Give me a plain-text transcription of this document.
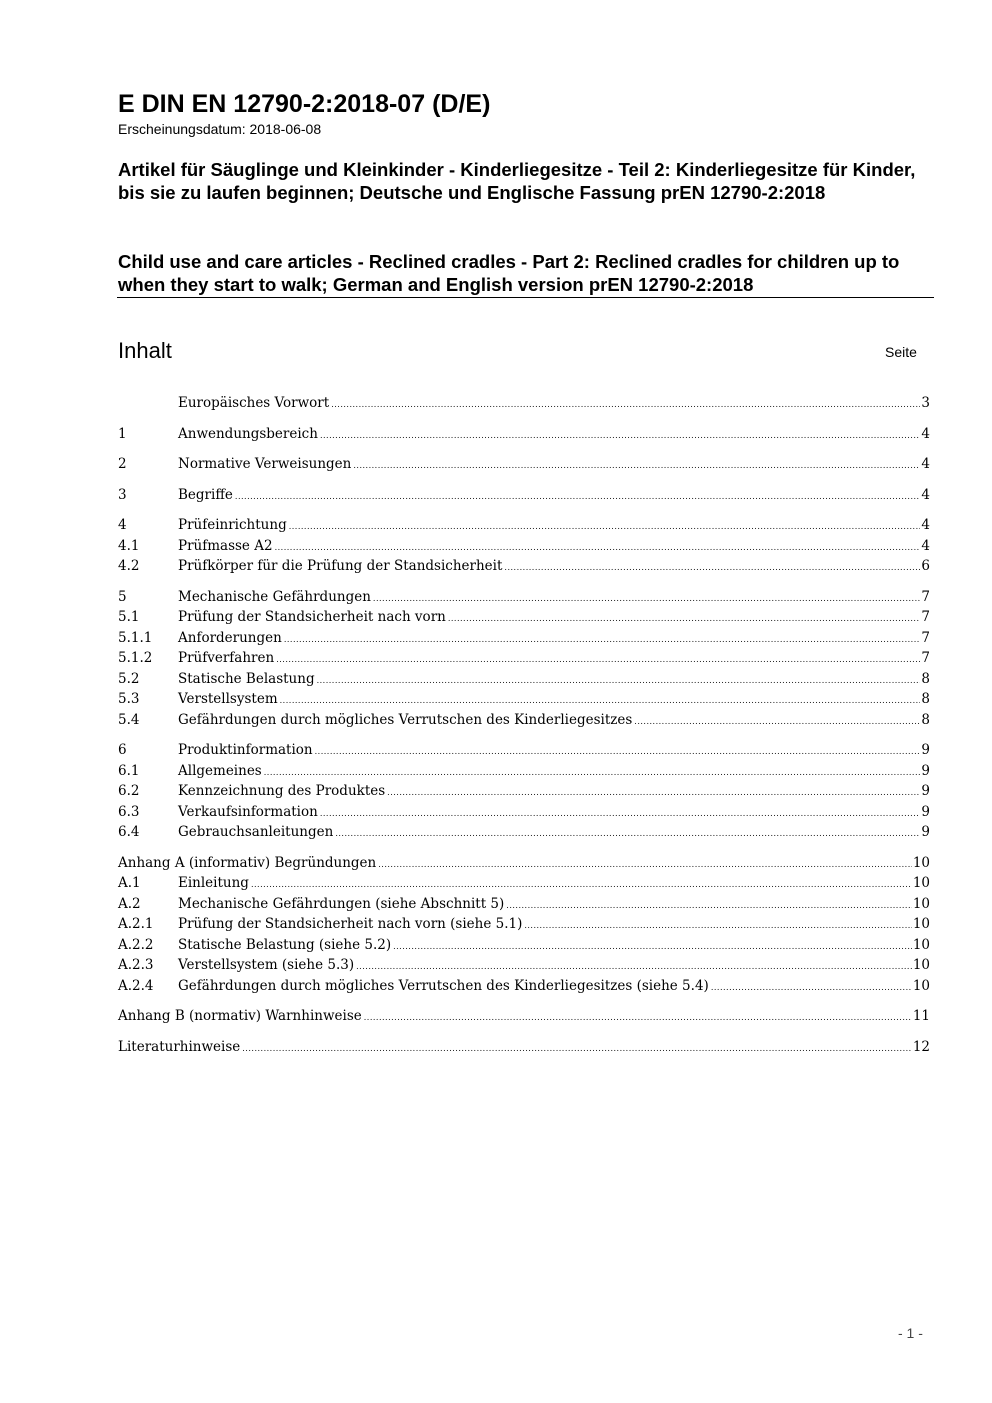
E DIN EN 12790-2:2018-07 (D/E)
Erscheinungsdatum: 2018-06-08

Artikel für Säuglinge und Kleinkinder - Kinderliegesitze - Teil 2: Kinderliegesitze für Kinder, bis sie zu laufen beginnen; Deutsche und Englische Fassung prEN 12790-2:2018

Child use and care articles - Reclined cradles - Part 2: Reclined cradles for children up to when they start to walk; German and English version prEN 12790-2:2018

Inhalt	Seite
Europäisches Vorwort .....	3
1	Anwendungsbereich .....	4
2	Normative Verweisungen .....	4
3	Begriffe .....	4
4	Prüfeinrichtung .....	4
4.1	Prüfmasse A2 .....	4
4.2	Prüfkörper für die Prüfung der Standsicherheit .....	6
5	Mechanische Gefährdungen .....	7
5.1	Prüfung der Standsicherheit nach vorn .....	7
5.1.1	Anforderungen .....	7
5.1.2	Prüfverfahren .....	7
5.2	Statische Belastung .....	8
5.3	Verstellsystem .....	8
5.4	Gefährdungen durch mögliches Verrutschen des Kinderliegesitzes .....	8
6	Produktinformation .....	9
6.1	Allgemeines .....	9
6.2	Kennzeichnung des Produktes .....	9
6.3	Verkaufsinformation .....	9
6.4	Gebrauchsanleitungen .....	9
Anhang A (informativ) Begründungen .....	10
A.1	Einleitung .....	10
A.2	Mechanische Gefährdungen (siehe Abschnitt 5) .....	10
A.2.1	Prüfung der Standsicherheit nach vorn (siehe 5.1) .....	10
A.2.2	Statische Belastung (siehe 5.2) .....	10
A.2.3	Verstellsystem (siehe 5.3) .....	10
A.2.4	Gefährdungen durch mögliches Verrutschen des Kinderliegesitzes (siehe 5.4) .....	10
Anhang B (normativ) Warnhinweise .....	11
Literaturhinweise .....	12
- 1 -
